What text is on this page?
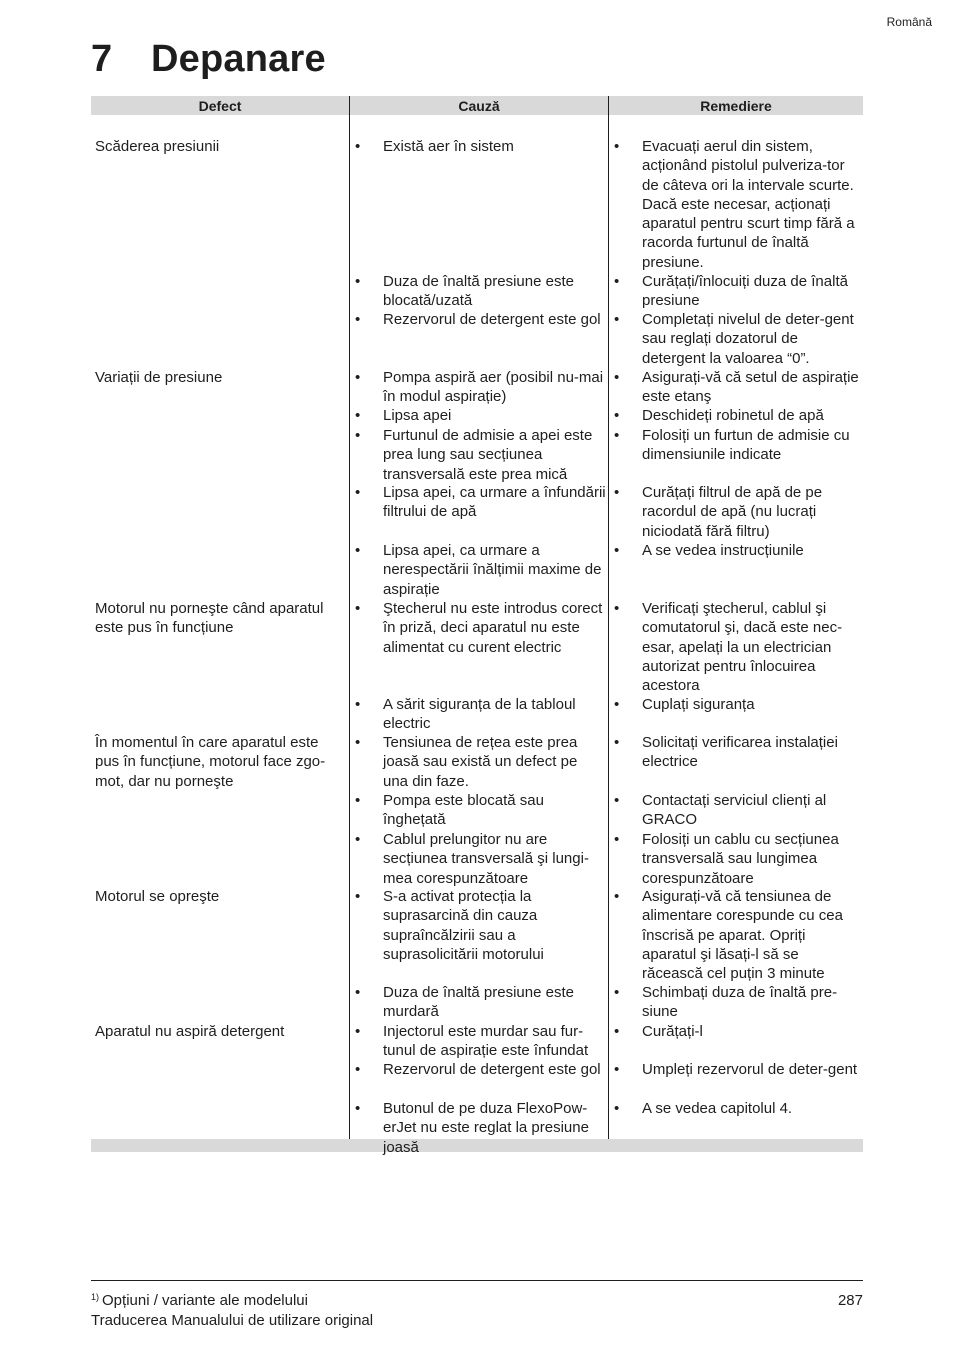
Română
7 Depanare
Defect	Cauză	Remediere
Scăderea presiunii
Variații de presiune
Motorul nu porneşte când aparatul este pus în funcțiune
În momentul în care aparatul este pus în funcțiune, motorul face zgo-mot, dar nu porneşte
Motorul se opreşte
Aparatul nu aspiră detergent
• Există aer în sistem
• Duza de înaltă presiune este blocată/uzată
• Rezervorul de detergent este gol
• Pompa aspiră aer (posibil nu-mai în modul aspirație)
• Lipsa apei
• Furtunul de admisie a apei este prea lung sau secțiunea transversală este prea mică
• Lipsa apei, ca urmare a înfundării filtrului de apă
• Lipsa apei, ca urmare a nerespectării înălțimii maxime de aspirație
• Ştecherul nu este introdus corect în priză, deci aparatul nu este alimentat cu curent electric
• A sărit siguranța de la tabloul electric
• Tensiunea de rețea este prea joasă sau există un defect pe una din faze.
• Pompa este blocată sau înghețată
• Cablul prelungitor nu are secțiunea transversală şi lungi-mea corespunzătoare
• S-a activat protecția la suprasarcină din cauza supraîncălzirii sau a suprasolicitării motorului
• Duza de înaltă presiune este murdară
• Injectorul este murdar sau fur-tunul de aspirație este înfundat
• Rezervorul de detergent este gol
• Butonul de pe duza FlexoPow-erJet nu este reglat la presiune joasă
• Evacuați aerul din sistem, acționând pistolul pulveriza-tor de câteva ori la intervale scurte. Dacă este necesar, acționați aparatul pentru scurt timp fără a racorda furtunul de înaltă presiune.
• Curățați/înlocuiți duza de înaltă presiune
• Completați nivelul de deter-gent sau reglați dozatorul de detergent la valoarea “0”.
• Asigurați-vă că setul de aspirație este etanş
• Deschideți robinetul de apă
• Folosiți un furtun de admisie cu dimensiunile indicate
• Curățați filtrul de apă de pe racordul de apă (nu lucrați niciodată fără filtru)
• A se vedea instrucțiunile
• Verificați ştecherul, cablul şi comutatorul şi, dacă este nec-esar, apelați la un electrician autorizat pentru înlocuirea acestora
• Cuplați siguranța
• Solicitați verificarea instalației electrice
• Contactați serviciul clienți al GRACO
• Folosiți un cablu cu secțiunea transversală sau lungimea corespunzătoare
• Asigurați-vă că tensiunea de alimentare corespunde cu cea înscrisă pe aparat. Opriți aparatul şi lăsați-l să se răcească cel puțin 3 minute
• Schimbați duza de înaltă pre-siune
• Curățați-l
• Umpleți rezervorul de deter-gent
• A se vedea capitolul 4.
$^{1)}$ Opțiuni / variante ale modelului
Traducerea Manualului de utilizare original
287
